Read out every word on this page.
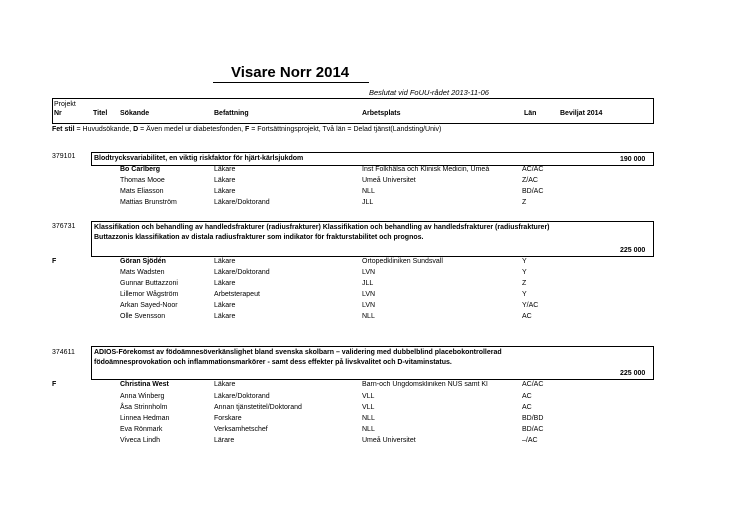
Visare Norr 2014
Beslutat vid FoUU-rådet 2013-11-06
Projekt
Nr	Titel Sökande	Befattning	Arbetsplats	Län	Beviljat 2014
Fet stil = Huvudsökande, D = Även medel ur diabetesfonden, F = Fortsättningsprojekt, Två län = Delad tjänst(Landsting/Univ)
379101	Blodtrycksvariabilitet, en viktig riskfaktor för hjärt-kärlsjukdom	190 000
Bo Carlberg	Läkare	Inst Folkhälsa och Klinisk Medicin, Umeå	AC/AC
Thomas Mooe	Läkare	Umeå Universitet	Z/AC
Mats Eliasson	Läkare	NLL	BD/AC
Mattias Brunström	Läkare/Doktorand	JLL	Z
376731	Klassifikation och behandling av handledsfrakturer (radiusfrakturer) Klassifikation och behandling av handledsfrakturer (radiusfrakturer) Buttazzonis klassifikation av distala radiusfrakturer som indikator för frakturstabilitet och prognos.
225 000
F	Göran Sjödén	Läkare	Ortopedkliniken Sundsvall	Y
Mats Wadsten	Läkare/Doktorand	LVN	Y
Gunnar Buttazzoni	Läkare	JLL	Z
Lillemor Wågström	Arbetsterapeut	LVN	Y
Arkan Sayed-Noor	Läkare	LVN	Y/AC
Olle Svensson	Läkare	NLL	AC
374611	ADIOS-Förekomst av födoämnesöverkänslighet bland svenska skolbarn – validering med dubbelblind placebokontrollerad födoämnesprovokation och inflammationsmarkörer - samt dess effekter på livskvalitet och D-vitaminstatus.
225 000
F	Christina West	Läkare	Barn-och Ungdomskliniken NUS samt Kl	AC/AC
Anna Winberg	Läkare/Doktorand	VLL	AC
Åsa Strinnholm	Annan tjänstetitel/Doktorand	VLL	AC
Linnea Hedman	Forskare	NLL	BD/BD
Eva Rönmark	Verksamhetschef	NLL	BD/AC
Viveca Lindh	Lärare	Umeå Universitet	–/AC
